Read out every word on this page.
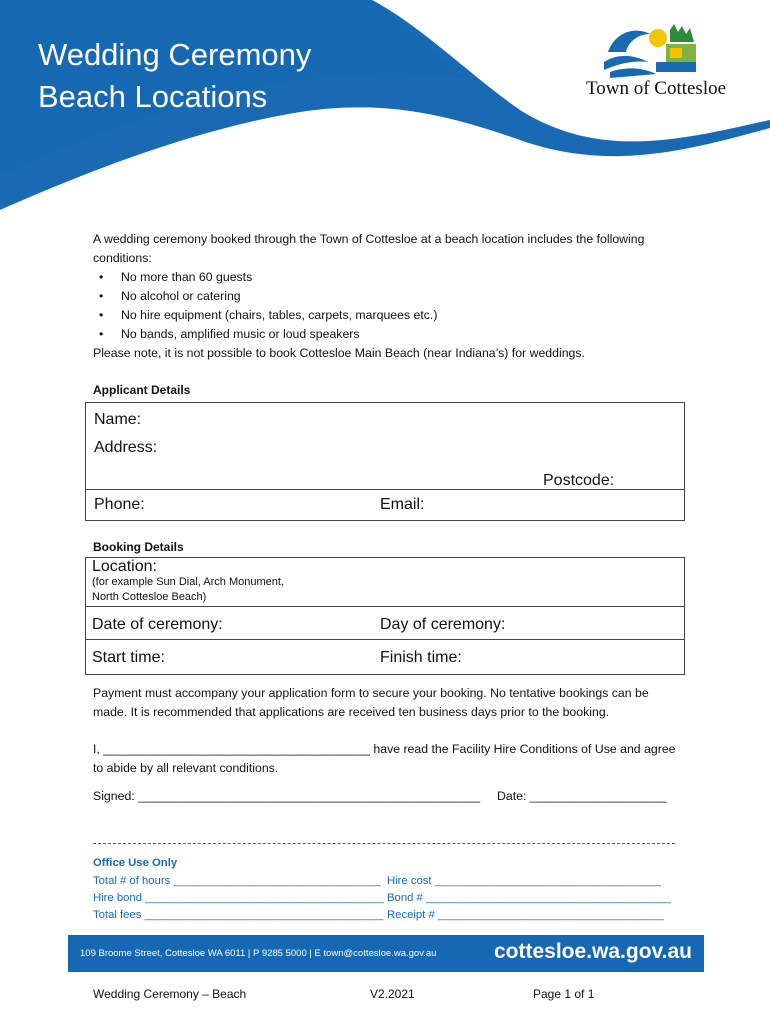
Wedding Ceremony
Beach Locations	Town of Cottesloe

A wedding ceremony booked through the Town of Cottesloe at a beach location includes the following conditions:

• No more than 60 guests
• No alcohol or catering
• No hire equipment (chairs, tables, carpets, marquees etc.)
• No bands, amplified music or loud speakers

Please note, it is not possible to book Cottesloe Main Beach (near Indiana’s) for weddings.

Applicant Details
Name:
Address:
Postcode:
Phone:	Email:
Booking Details
Location:
(for example Sun Dial, Arch Monument, North Cottesloe Beach)
Date of ceremony:	Day of ceremony:
Start time:	Finish time:
Payment must accompany your application form to secure your booking. No tentative bookings can be made. It is recommended that applications are received ten business days prior to the booking.
I, _______________________________________ have read the Facility Hire Conditions of Use and agree to abide by all relevant conditions.
Signed: __________________________________________________ Date: ____________________
Office Use Only
Total # of hours _________________________________ Hire cost ____________________________________
Hire bond ______________________________________ Bond # _______________________________________
Total fees ______________________________________ Receipt # ____________________________________
109 Broome Street, Cottesloe WA 6011 | P 9285 5000 | E town@cottesloe.wa.gov.au	cottesloe.wa.gov.au
Wedding Ceremony – Beach	V2.2021	Page 1 of 1
